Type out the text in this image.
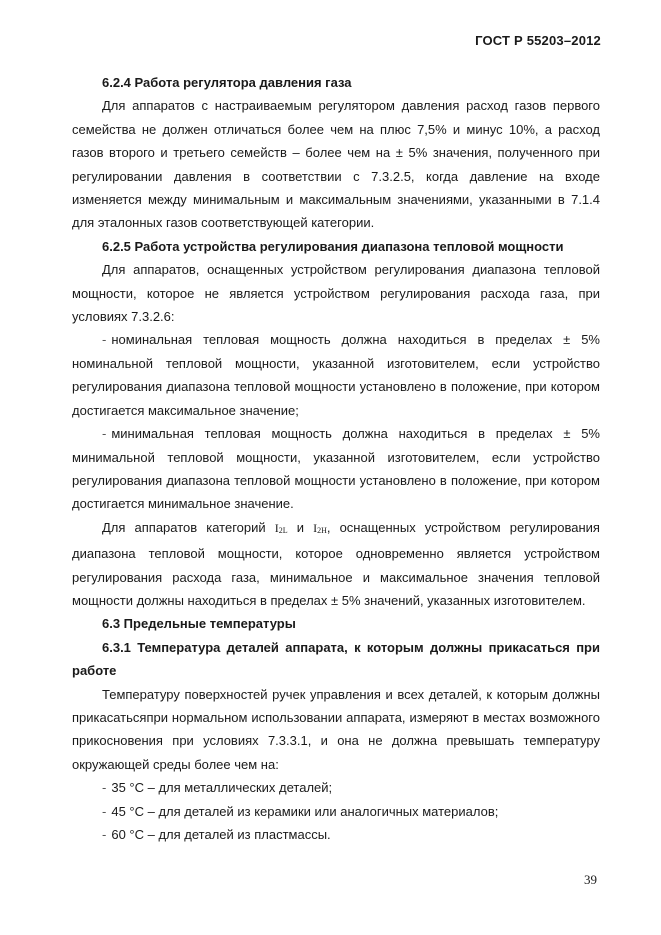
ГОСТ Р 55203–2012

6.2.4 Работа регулятора давления газа

Для аппаратов с настраиваемым регулятором давления расход газов первого семейства не должен отличаться более чем на плюс 7,5% и минус 10%, а расход газов второго и третьего семейств – более чем на ± 5% значения, полученного при регулировании давления в соответствии с 7.3.2.5, когда давление на входе изменяется между минимальным и максимальным значениями, указанными в 7.1.4 для эталонных газов соответствующей категории.

6.2.5 Работа устройства регулирования диапазона тепловой мощности

Для аппаратов, оснащенных устройством регулирования диапазона тепловой мощности, которое не является устройством регулирования расхода газа, при условиях 7.3.2.6:

- номинальная тепловая мощность должна находиться в пределах ± 5% номинальной тепловой мощности, указанной изготовителем, если устройство регулирования диапазона тепловой мощности установлено в положение, при котором достигается максимальное значение;

- минимальная тепловая мощность должна находиться в пределах ± 5% минимальной тепловой мощности, указанной изготовителем, если устройство регулирования диапазона тепловой мощности установлено в положение, при котором достигается минимальное значение.

Для аппаратов категорий I2L и I2H, оснащенных устройством регулирования диапазона тепловой мощности, которое одновременно является устройством регулирования расхода газа, минимальное и максимальное значения тепловой мощности должны находиться в пределах ± 5% значений, указанных изготовителем.

6.3 Предельные температуры

6.3.1 Температура деталей аппарата, к которым должны прикасаться при работе

Температуру поверхностей ручек управления и всех деталей, к которым должны прикасатьсяпри нормальном использовании аппарата, измеряют в местах возможного прикосновения при условиях 7.3.3.1, и она не должна превышать температуру окружающей среды более чем на:

- 35 °С – для металлических деталей;

- 45 °С – для деталей из керамики или аналогичных материалов;

- 60 °С – для деталей из пластмассы.

39
